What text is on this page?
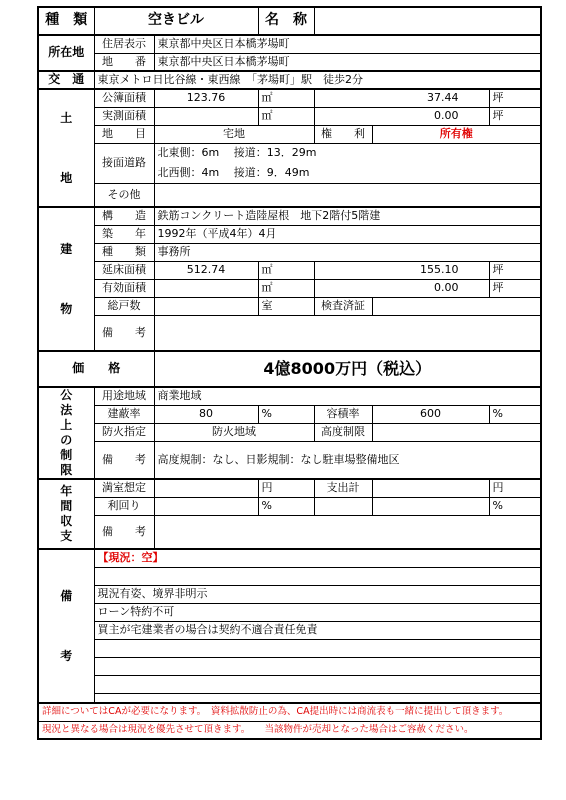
種　類	空きビル		名　称			
所在地	住居表示	東京都中央区日本橋茅場町				
	地　　番	東京都中央区日本橋茅場町				
交　通	東京メトロ日比谷線・東西線　「茅場町」駅　徒歩2分					
土

地	公簿面積	123.76	㎡	37.44		坪
	実測面積		㎡	0.00		坪
	地　　目	宅地		権　　利	所有権	
	接面道路	北東側：6m　 接道：13．29m				
		北西側：4m　 接道：9．49m				
	その他					
建

物	構　　造	鉄筋コンクリート造陸屋根　地下2階付5階建				
	築　　年	1992年（平成4年）4月				
	種　　類	事務所				
	延床面積	512.74	㎡	155.10		坪
	有効面積		㎡	0.00		坪
	総戸数		室	検査済証		
	備　　考					

価　　格		4億8000万円（税込）				

公法上の制限	用途地域	商業地域				
	建蔽率	80	%	容積率	600	%
	防火指定	防火地域		高度制限		
	備　　考	高度規制：なし、日影規制：なし駐車場整備地区				

年間収支	満室想定		円	支出計		円
	利回り		%			%
	備　　考					

備

考	【現況：空】					

	現況有姿、境界非明示					
	ローン特約不可					
	買主が宅建業者の場合は契約不適合責任免責					

詳細についてはCAが必要になります。　資料拡散防止の為、CA提出時には商流表も一緒に提出して頂きます。						
現況と異なる場合は現況を優先させて頂きます。　　当該物件が売却となった場合はご容赦ください。						
